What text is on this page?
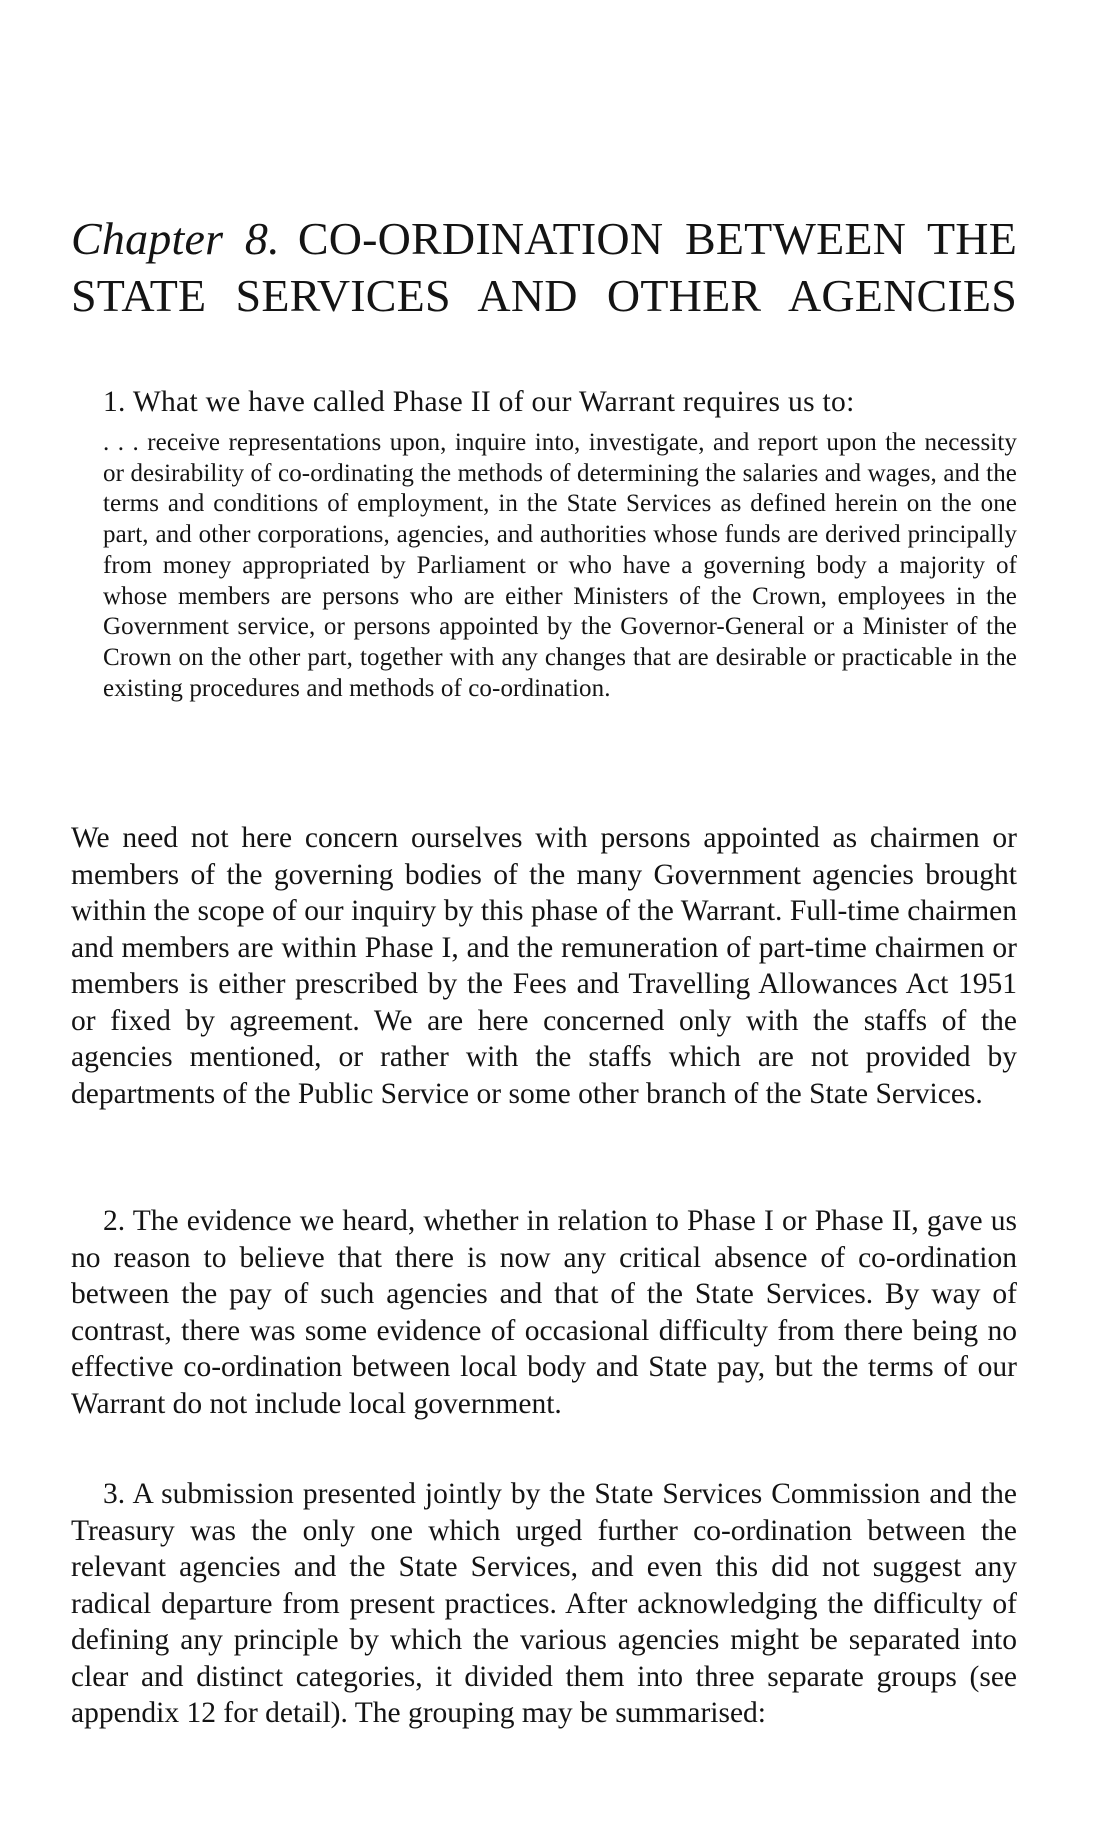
Chapter 8. CO-ORDINATION BETWEEN THE
STATE SERVICES AND OTHER AGENCIES

1. What we have called Phase II of our Warrant requires us to:

. . . receive representations upon, inquire into, investigate, and report upon the necessity or desirability of co-ordinating the methods of determining the salaries and wages, and the terms and conditions of employment, in the State Services as defined herein on the one part, and other corporations, agencies, and authorities whose funds are derived principally from money appropriated by Parliament or who have a governing body a majority of whose members are persons who are either Ministers of the Crown, employees in the Government service, or persons appointed by the Governor-General or a Minister of the Crown on the other part, together with any changes that are desirable or practicable in the existing procedures and methods of co-ordination.

We need not here concern ourselves with persons appointed as chairmen or members of the governing bodies of the many Government agencies brought within the scope of our inquiry by this phase of the Warrant. Full-time chairmen and members are within Phase I, and the remuneration of part-time chairmen or members is either prescribed by the Fees and Travelling Allowances Act 1951 or fixed by agreement. We are here concerned only with the staffs of the agencies mentioned, or rather with the staffs which are not provided by departments of the Public Service or some other branch of the State Services.

2. The evidence we heard, whether in relation to Phase I or Phase II, gave us no reason to believe that there is now any critical absence of co-ordination between the pay of such agencies and that of the State Services. By way of contrast, there was some evidence of occasional difficulty from there being no effective co-ordination between local body and State pay, but the terms of our Warrant do not include local government.

3. A submission presented jointly by the State Services Commission and the Treasury was the only one which urged further co-ordination between the relevant agencies and the State Services, and even this did not suggest any radical departure from present practices. After acknowledging the difficulty of defining any principle by which the various agencies might be separated into clear and distinct categories, it divided them into three separate groups (see appendix 12 for detail). The grouping may be summarised:
